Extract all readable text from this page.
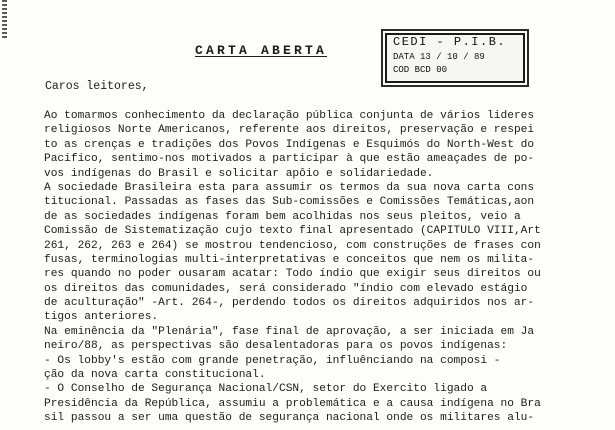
CARTA ABERTA
CEDI - P.I.B.
DATA 13 / 10 / 89
COD BCD 00
Caros leitores,
Ao tomarmos conhecimento da declaração pública conjunta de vários lideres
religiosos Norte Americanos, referente aos direitos, preservação e respei
to as crenças e tradições dos Povos Indígenas e Esquimós do North-West do
Pacifico, sentimo-nos motivados a participar à que estão ameaçades de po-
vos indígenas do Brasil e solicitar apôio e solidariedade.
A sociedade Brasileira esta para assumir os termos da sua nova carta cons
titucional. Passadas as fases das Sub-comissões e Comissões Temáticas,aon
de as sociedades indígenas foram bem acolhidas nos seus pleitos, veio a
Comissão de Sistematização cujo texto final apresentado (CAPITULO VIII,Art
261, 262, 263 e 264) se mostrou tendencioso, com construções de frases con
fusas, terminologias multi-interpretativas e conceitos que nem os milita-
res quando no poder ousaram acatar: Todo índio que exigir seus direitos ou
os direitos das comunidades, será considerado "índio com elevado estágio
de aculturação" -Art. 264-, perdendo todos os direitos adquiridos nos ar-
tigos anteriores.
Na eminência da "Plenária", fase final de aprovação, a ser iniciada em Ja
neiro/88, as perspectivas são desalentadoras para os povos indígenas:
- Os lobby's estão com grande penetração, influênciando na composi -
ção da nova carta constitucional.
- O Conselho de Segurança Nacional/CSN, setor do Exercito ligado a
Presidência da República, assumiu a problemática e a causa indígena no Bra
sil passou a ser uma questão de segurança nacional onde os militares alu-
